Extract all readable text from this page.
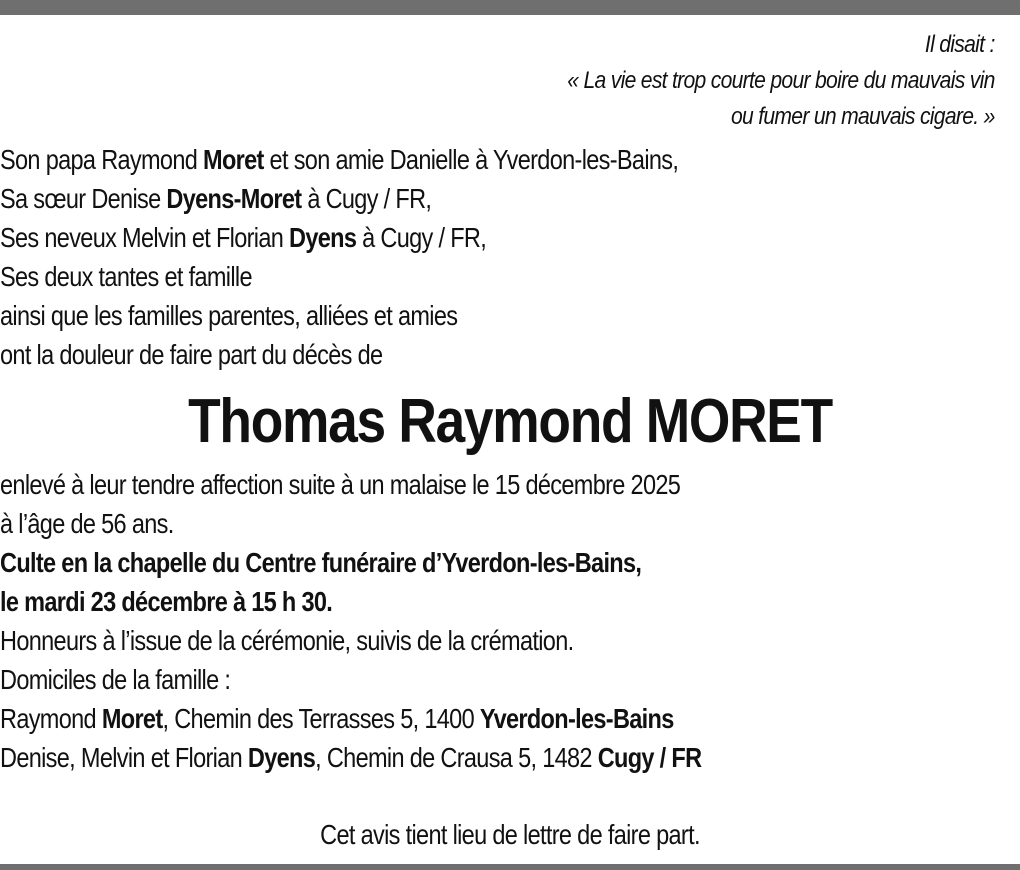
Il disait :
« La vie est trop courte pour boire du mauvais vin
ou fumer un mauvais cigare. »
Son papa Raymond Moret et son amie Danielle à Yverdon-les-Bains,
Sa sœur Denise Dyens-Moret à Cugy / FR,
Ses neveux Melvin et Florian Dyens à Cugy / FR,
Ses deux tantes et famille
ainsi que les familles parentes, alliées et amies
ont la douleur de faire part du décès de
Thomas Raymond MORET
enlevé à leur tendre affection suite à un malaise le 15 décembre 2025
à l’âge de 56 ans.
Culte en la chapelle du Centre funéraire d’Yverdon-les-Bains,
le mardi 23 décembre à 15 h 30.
Honneurs à l’issue de la cérémonie, suivis de la crémation.
Domiciles de la famille :
Raymond Moret, Chemin des Terrasses 5, 1400 Yverdon-les-Bains
Denise, Melvin et Florian Dyens, Chemin de Crausa 5, 1482 Cugy / FR
Cet avis tient lieu de lettre de faire part.
